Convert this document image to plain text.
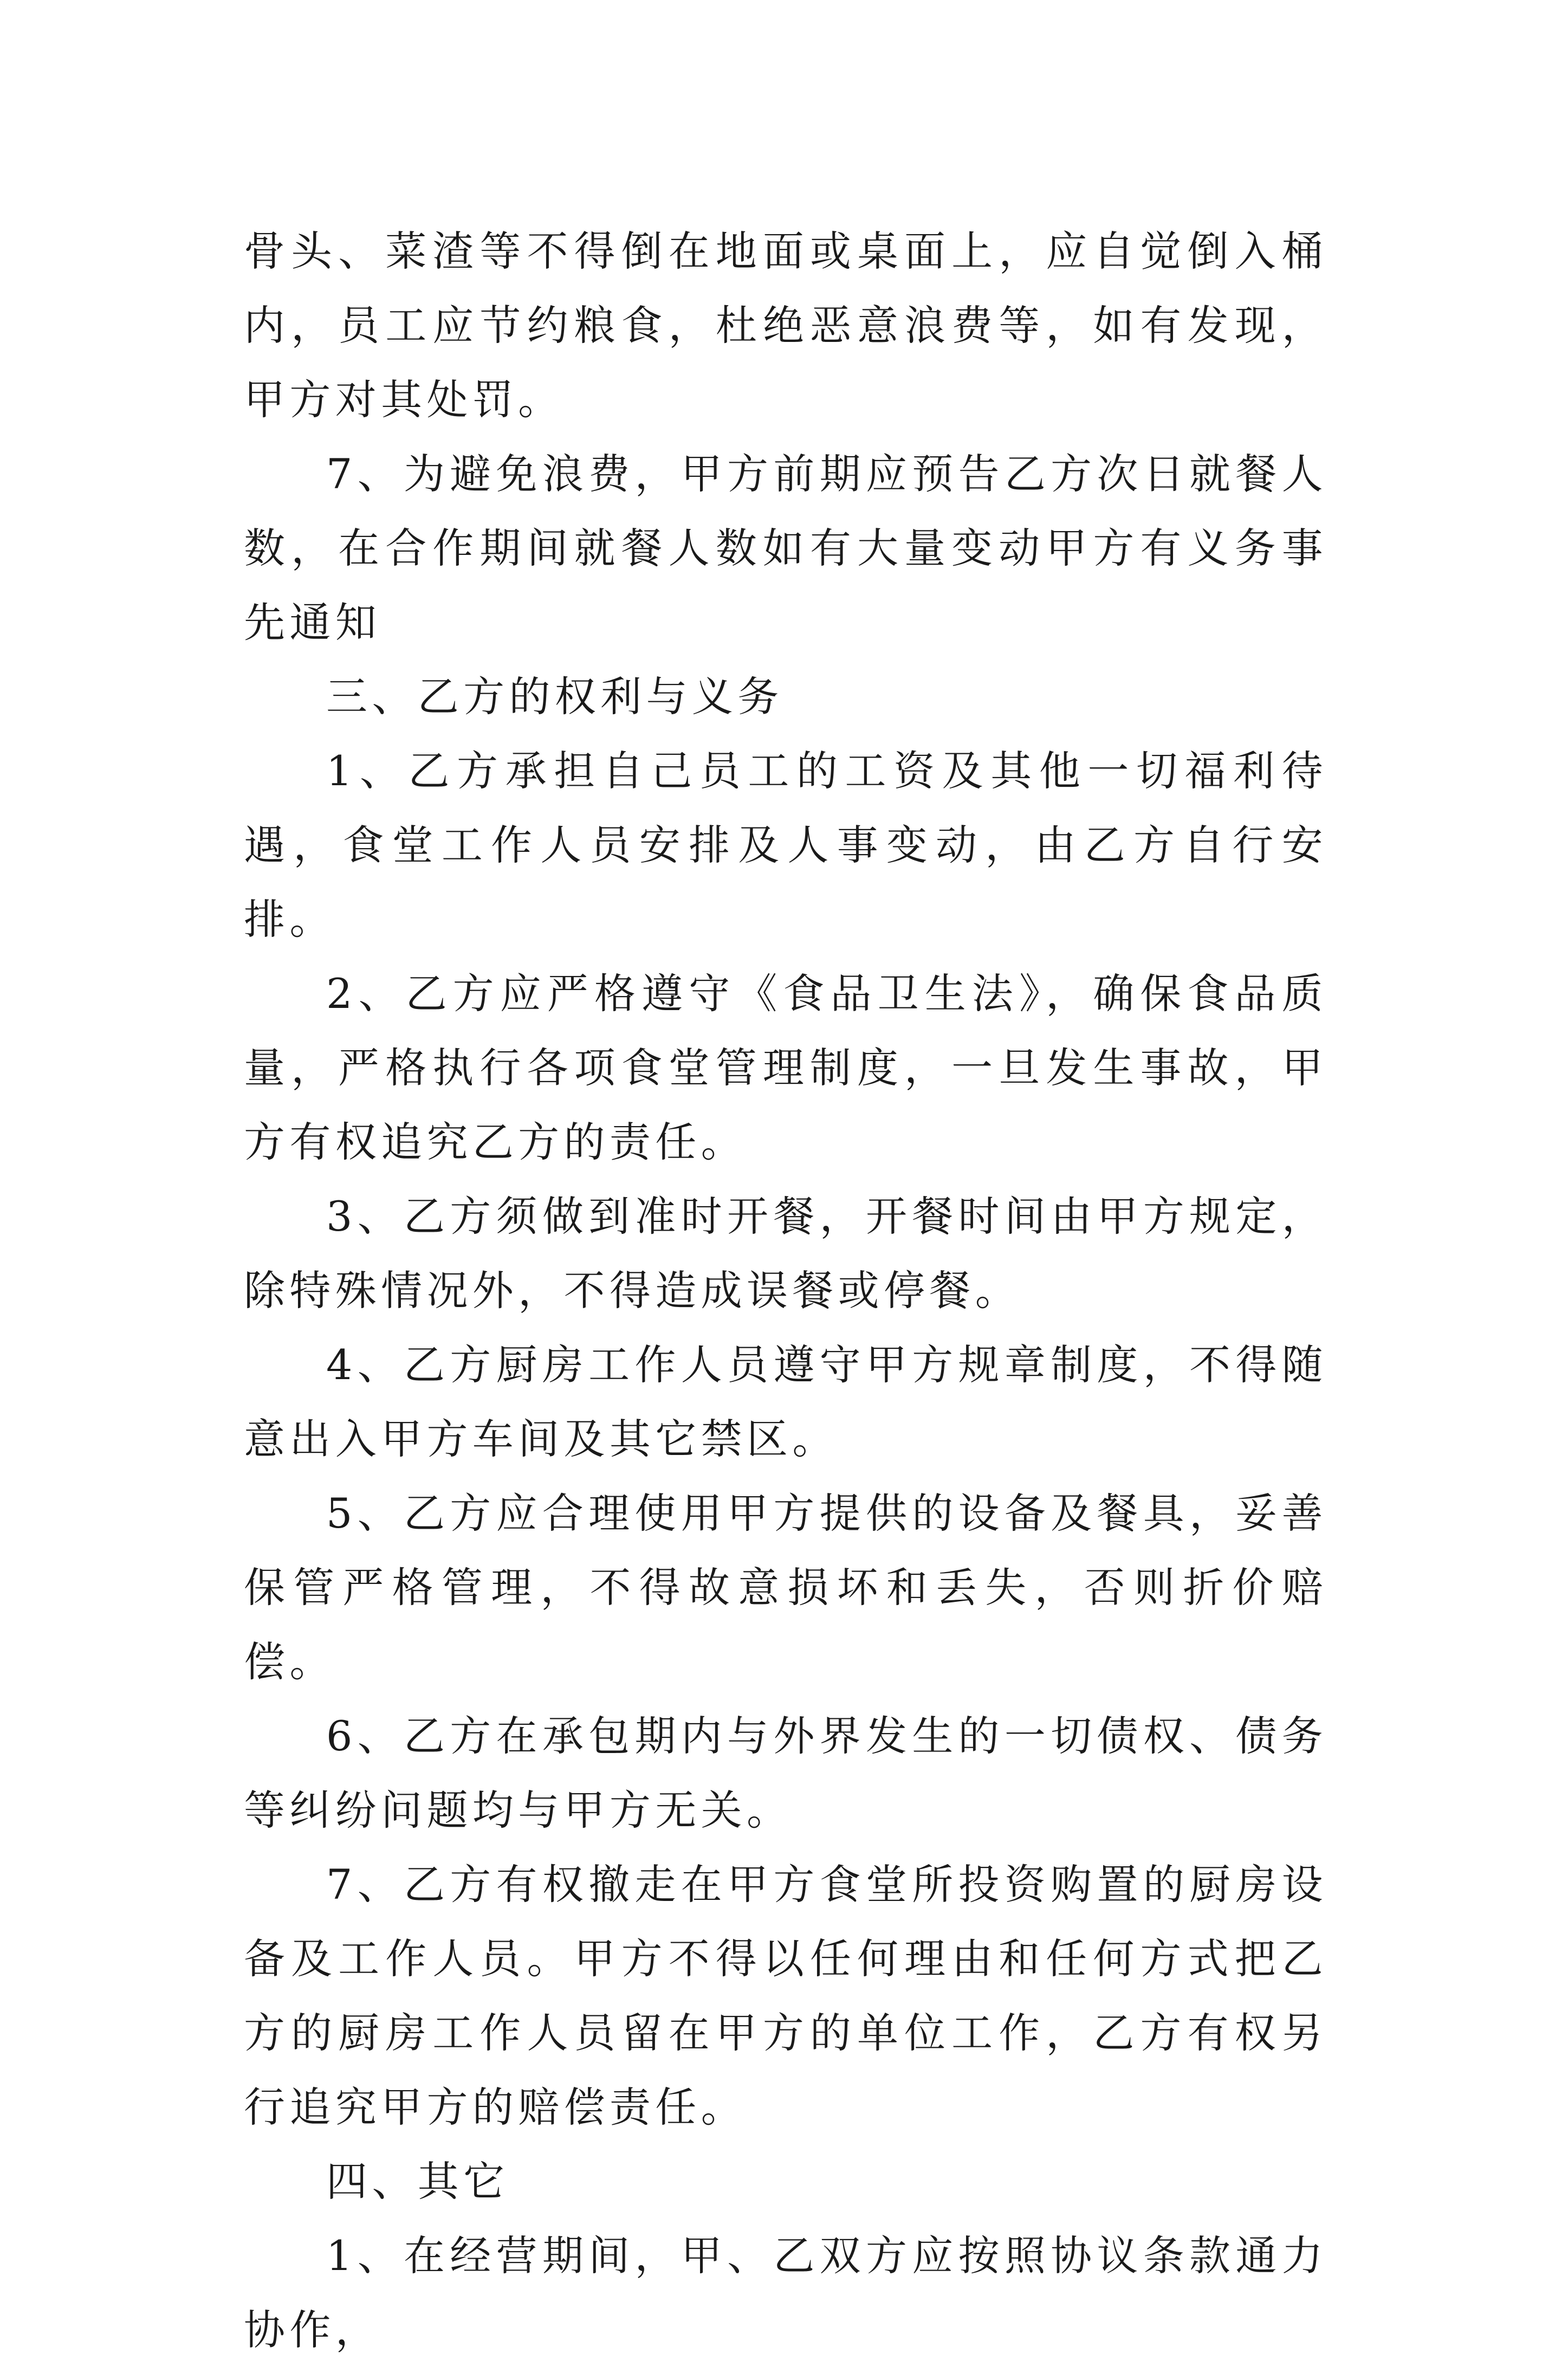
骨头、菜渣等不得倒在地面或桌面上，应自觉倒入桶内，员工应节约粮食，杜绝恶意浪费等，如有发现，甲方对其处罚。

7、为避免浪费，甲方前期应预告乙方次日就餐人数，在合作期间就餐人数如有大量变动甲方有义务事先通知

三、乙方的权利与义务

1、乙方承担自己员工的工资及其他一切福利待遇，食堂工作人员安排及人事变动，由乙方自行安排。

2、乙方应严格遵守《食品卫生法》，确保食品质量，严格执行各项食堂管理制度，一旦发生事故，甲方有权追究乙方的责任。

3、乙方须做到准时开餐，开餐时间由甲方规定，除特殊情况外，不得造成误餐或停餐。

4、乙方厨房工作人员遵守甲方规章制度，不得随意出入甲方车间及其它禁区。

5、乙方应合理使用甲方提供的设备及餐具，妥善保管严格管理，不得故意损坏和丢失，否则折价赔偿。

6、乙方在承包期内与外界发生的一切债权、债务等纠纷问题均与甲方无关。

7、乙方有权撤走在甲方食堂所投资购置的厨房设备及工作人员。甲方不得以任何理由和任何方式把乙方的厨房工作人员留在甲方的单位工作，乙方有权另行追究甲方的赔偿责任。

四、其它

1、在经营期间，甲、乙双方应按照协议条款通力协作，
